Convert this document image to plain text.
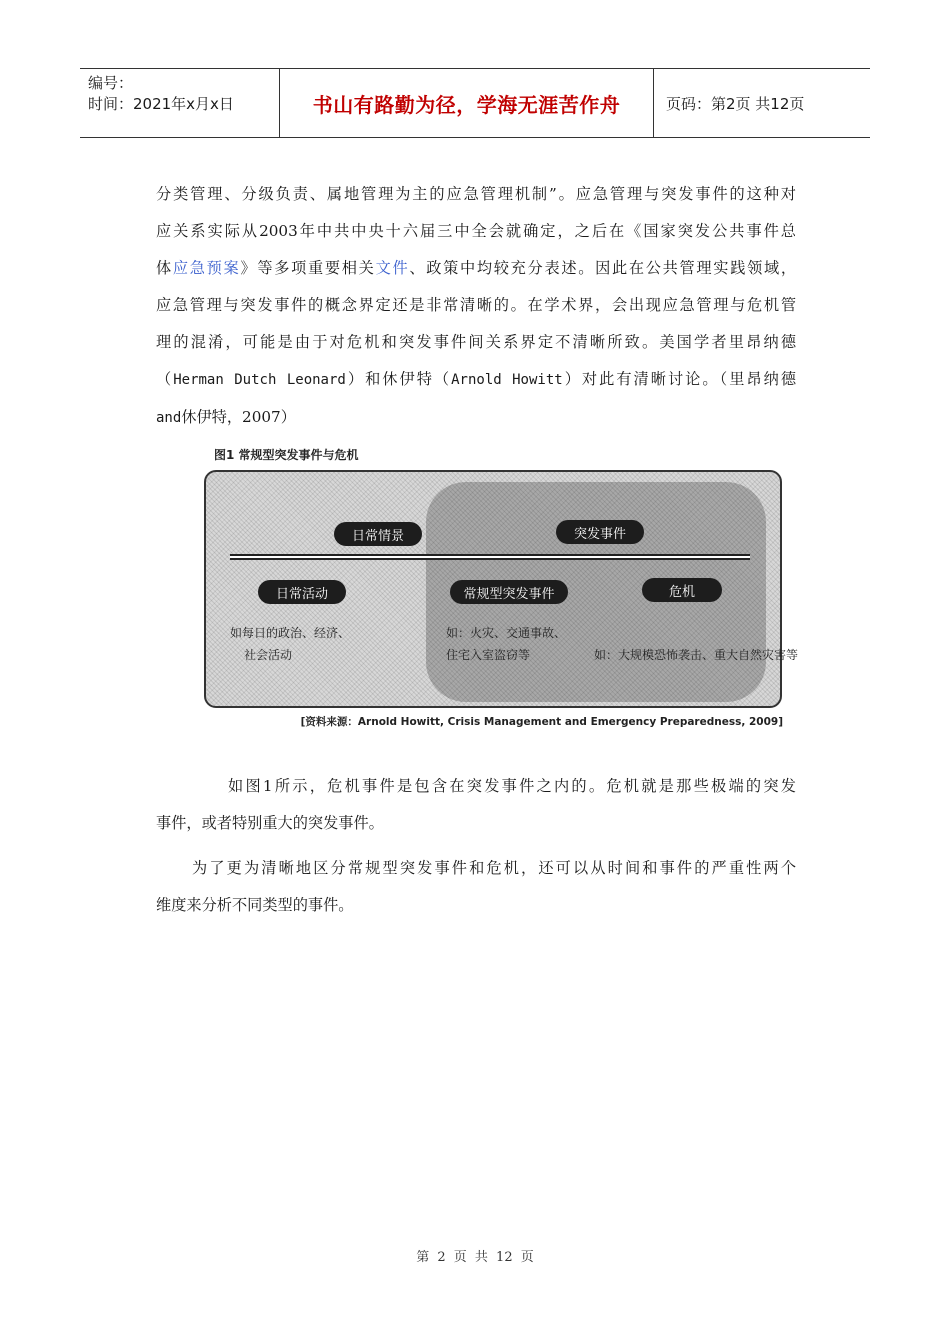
编号：
时间：2021年x月x日	书山有路勤为径，学海无涯苦作舟	页码：第2页 共12页
分类管理、分级负责、属地管理为主的应急管理机制”。应急管理与突发事件的这种对
应关系实际从2003年中共中央十六届三中全会就确定，之后在《国家突发公共事件总
体应急预案》等多项重要相关文件、政策中均较充分表述。因此在公共管理实践领域，
应急管理与突发事件的概念界定还是非常清晰的。在学术界，会出现应急管理与危机管
理的混淆，可能是由于对危机和突发事件间关系界定不清晰所致。美国学者里昂纳德
（Herman Dutch Leonard）和休伊特（Arnold Howitt）对此有清晰讨论。（里昂纳德
and休伊特，2007）
图1 常规型突发事件与危机
日常情景	突发事件
日常活动	常规型突发事件	危机
如每日的政治、经济、
社会活动
如：火灾、交通事故、
住宅入室盗窃等	如：大规模恐怖袭击、重大自然灾害等
[资料来源：Arnold Howitt, Crisis Management and Emergency Preparedness, 2009]
如图1所示，危机事件是包含在突发事件之内的。危机就是那些极端的突发
事件，或者特别重大的突发事件。
为了更为清晰地区分常规型突发事件和危机，还可以从时间和事件的严重性两个
维度来分析不同类型的事件。
第 2 页 共 12 页
